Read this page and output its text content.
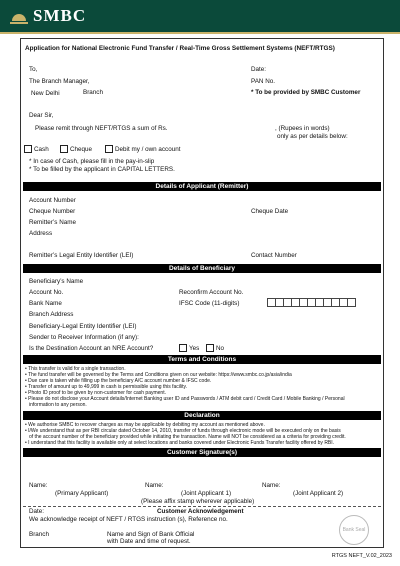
SMBC
Application for National Electronic Fund Transfer / Real-Time Gross Settlement Systems (NEFT/RTGS)
To,	Date:
The Branch Manager,	PAN No.
New Delhi	Branch	* To be provided by SMBC Customer
Dear Sir,
Please remit through NEFT/RTGS a sum of Rs.	, (Rupees in words)
only as per details below:
Cash	Cheque	Debit my / own account
* In case of Cash, please fill in the pay-in-slip
* To be filled by the applicant in CAPITAL LETTERS.
Details of Applicant (Remitter)
Account Number
Cheque Number	Cheque Date
Remitter’s Name
Address
Remitter’s Legal Entity Identifier (LEI)	Contact Number
Details of Beneficiary
Beneficiary’s Name
Account No.	Reconfirm Account No.
Bank Name	IFSC Code (11-digits)
Branch Address
Beneficiary-Legal Entity Identifier (LEI)
Sender to Receiver Information (if any):
Is the Destination Account an NRE Account?	Yes	No
Terms and Conditions
• This transfer is valid for a single transaction.
• The fund transfer will be governed by the Terms and Conditions given on our website: https://www.smbc.co.jp/asia/india
• Due care is taken while filling up the beneficiary A/C account number & IFSC code.
• Transfer of amount up to 49,999 in cash is permissible using this facility.
• Photo ID proof to be given by non-customer for cash payment.
• Please do not disclose your Account details/Internet Banking user ID and Passwords / ATM debit card / Credit Card / Mobile Banking / Personal
information to any person.
Declaration
• We authorise SMBC to recover charges as may be applicable by debiting my account as mentioned above.
• I/We understand that as per RBI circular dated October 14, 2010, transfer of funds through electronic mode will be executed only on the basis
of the account number of the beneficiary provided while initiating the transaction. Name will NOT be considered as a criteria for providing credit.
• I understand that this facility is available only at select locations and banks covered under Electronic Funds Transfer facility offered by RBI.
Customer Signature(s)
Name:	Name:	Name:
(Primary Applicant)	(Joint Applicant 1)	(Joint Applicant 2)
(Please affix stamp wherever applicable)
Date:	Customer Acknowledgement
We acknowledge receipt of NEFT / RTGS instruction (s), Reference no.
Branch	Name and Sign of Bank Official
with Date and time of request.
Bank Seal
RTGS NEFT_V.02_2023
